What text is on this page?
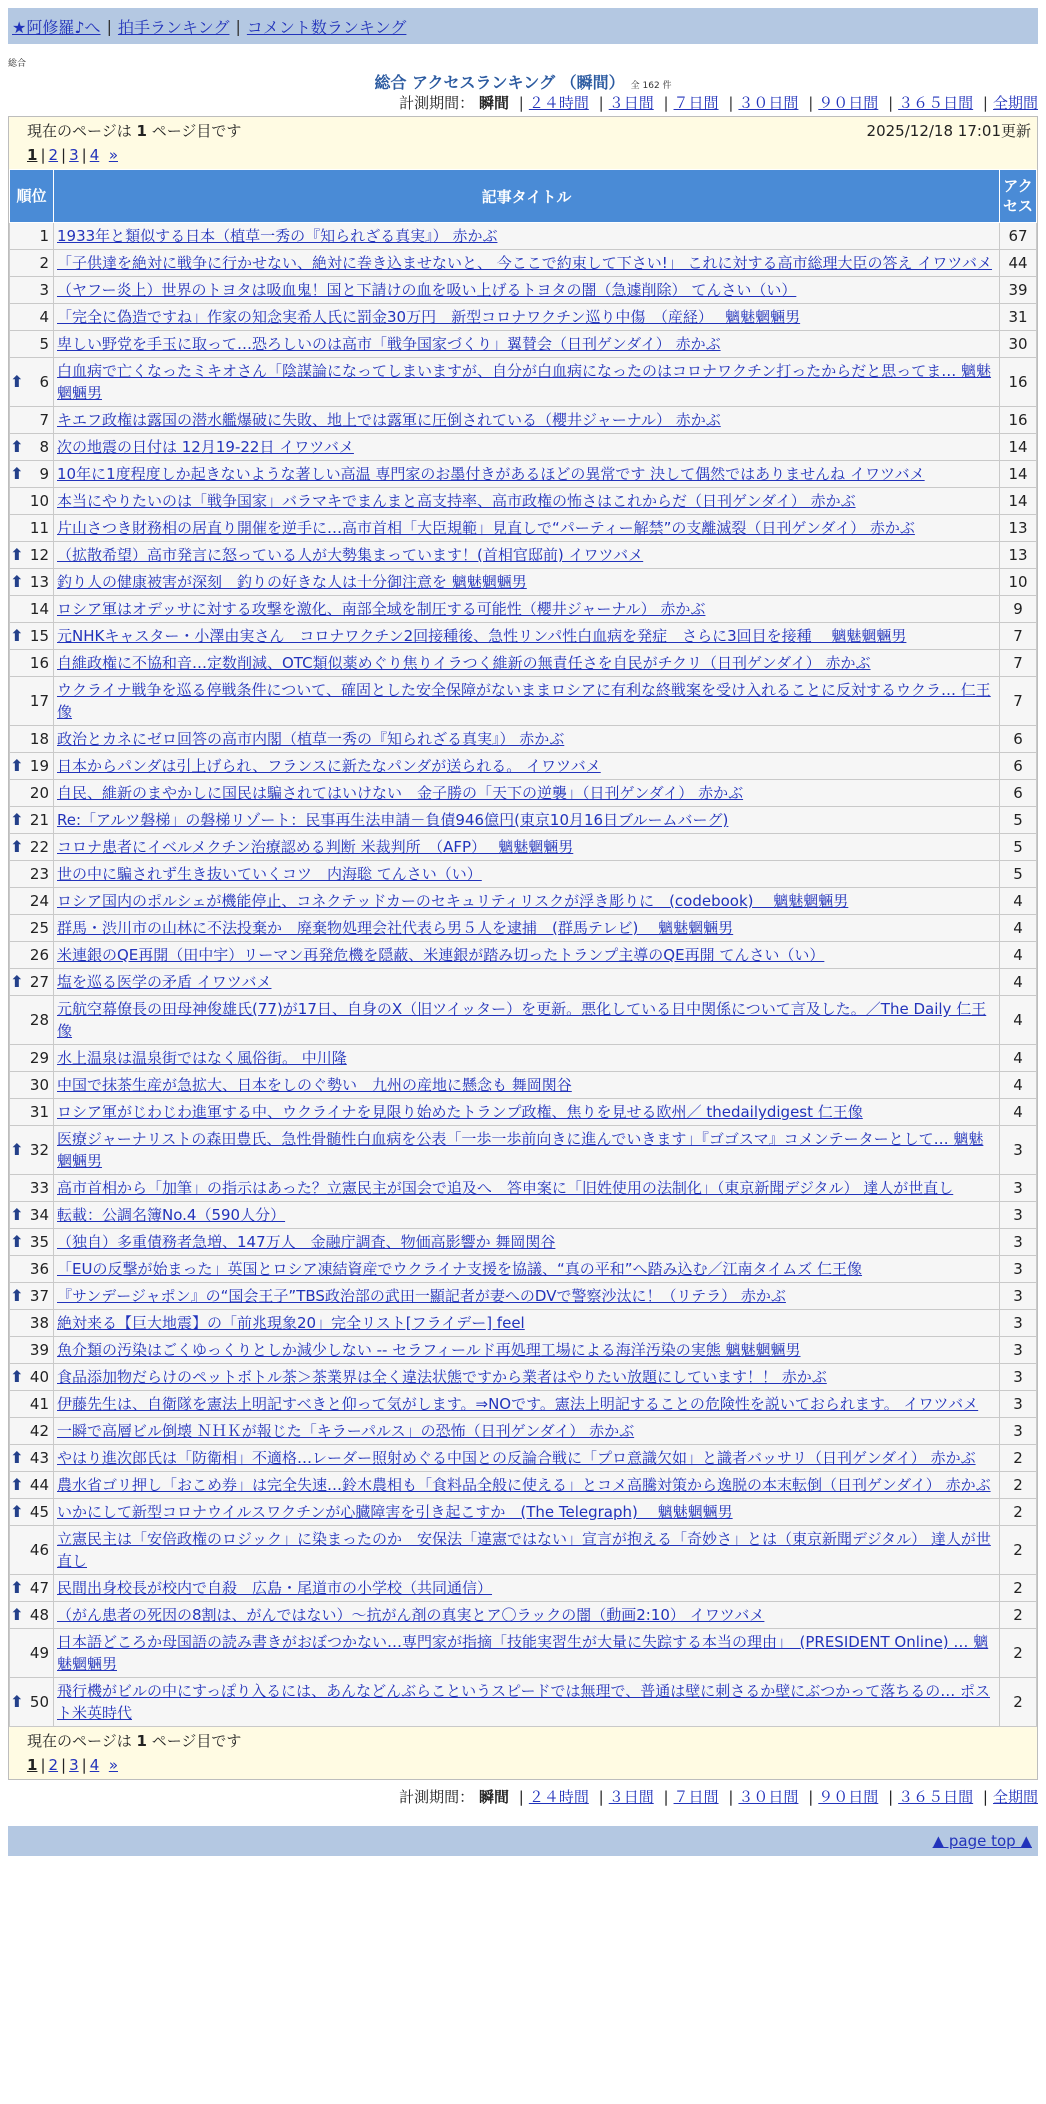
★阿修羅♪へ | 拍手ランキング | コメント数ランキング
総合
総合 アクセスランキング （瞬間） 全 162 件
計測期間： 瞬間 | ２４時間 | ３日間 | ７日間 | ３０日間 | ９０日間 | ３６５日間 | 全期間
現在のページは 1 ページ目です	2025/12/18 17:01更新
1 | 2 | 3 | 4 »
順位	記事タイトル	アクセス

1	1933年と類似する日本（植草一秀の『知られざる真実』） 赤かぶ	67

2	「子供達を絶対に戦争に行かせない、絶対に巻き込ませないと、 今ここで約束して下さい!」 これに対する高市総理大臣の答え イワツバメ	44

3	（ヤフー炎上）世界のトヨタは吸血鬼！国と下請けの血を吸い上げるトヨタの闇（急遽削除） てんさい（い）	39

4	「完全に偽造ですね」作家の知念実希人氏に罰金30万円　新型コロナワクチン巡り中傷　（産経）　 魑魅魍魎男	31

5	卑しい野党を手玉に取って…恐ろしいのは高市「戦争国家づくり」翼賛会（日刊ゲンダイ） 赤かぶ	30

⬆ 6	白血病で亡くなったミキオさん「陰謀論になってしまいますが、自分が白血病になったのはコロナワクチン打ったからだと思ってま… 魑魅魍魎男	16

7	キエフ政権は露国の潜水艦爆破に失敗、地上では露軍に圧倒されている（櫻井ジャーナル） 赤かぶ	16

⬆ 8	次の地震の日付は 12月19-22日 イワツバメ	14

⬆ 9	10年に1度程度しか起きないような著しい高温 専門家のお墨付きがあるほどの異常です 決して偶然ではありませんね イワツバメ	14

10	本当にやりたいのは「戦争国家」バラマキでまんまと高支持率、高市政権の怖さはこれからだ（日刊ゲンダイ） 赤かぶ	14

11	片山さつき財務相の居直り開催を逆手に…高市首相「大臣規範」見直しで“パーティー解禁”の支離滅裂（日刊ゲンダイ） 赤かぶ	13

⬆ 12	（拡散希望）高市発言に怒っている人が大勢集まっています！(首相官邸前) イワツバメ	13

⬆ 13	釣り人の健康被害が深刻　釣りの好きな人は十分御注意を 魑魅魍魎男	10

14	ロシア軍はオデッサに対する攻撃を激化、南部全域を制圧する可能性（櫻井ジャーナル） 赤かぶ	9

⬆ 15	元NHKキャスター・小澤由実さん　コロナワクチン2回接種後、急性リンパ性白血病を発症　さらに3回目を接種　 魑魅魍魎男	7

16	自維政権に不協和音…定数削減、OTC類似薬めぐり焦りイラつく維新の無責任さを自民がチクリ（日刊ゲンダイ） 赤かぶ	7

17	ウクライナ戦争を巡る停戦条件について、確固とした安全保障がないままロシアに有利な終戦案を受け入れることに反対するウクラ… 仁王像	7

18	政治とカネにゼロ回答の高市内閣（植草一秀の『知られざる真実』） 赤かぶ	6

⬆ 19	日本からパンダは引上げられ、フランスに新たなパンダが送られる。 イワツバメ	6

20	自民、維新のまやかしに国民は騙されてはいけない　金子勝の「天下の逆襲」（日刊ゲンダイ） 赤かぶ	6

⬆ 21	Re:「アルツ磐梯」の磐梯リゾート：民事再生法申請－負債946億円(東京10月16日ブルームバーグ)	5

⬆ 22	コロナ患者にイベルメクチン治療認める判断 米裁判所　（AFP）　 魑魅魍魎男	5

23	世の中に騙されず生き抜いていくコツ　内海聡 てんさい（い）	5

24	ロシア国内のポルシェが機能停止、コネクテッドカーのセキュリティリスクが浮き彫りに　(codebook)　 魑魅魍魎男	4

25	群馬・渋川市の山林に不法投棄か　廃棄物処理会社代表ら男５人を逮捕　(群馬テレビ)　 魑魅魍魎男	4

26	米連銀のQE再開（田中宇）リーマン再発危機を隠蔽、米連銀が踏み切ったトランプ主導のQE再開 てんさい（い）	4

⬆ 27	塩を巡る医学の矛盾 イワツバメ	4

28	元航空幕僚長の田母神俊雄氏(77)が17日、自身のX（旧ツイッター）を更新。悪化している日中関係について言及した。／The Daily 仁王像	4

29	水上温泉は温泉街ではなく風俗街。 中川隆	4

30	中国で抹茶生産が急拡大、日本をしのぐ勢い　九州の産地に懸念も 舞岡関谷	4

31	ロシア軍がじわじわ進軍する中、ウクライナを見限り始めたトランプ政権、焦りを見せる欧州／ thedailydigest 仁王像	4

⬆ 32	医療ジャーナリストの森田豊氏、急性骨髄性白血病を公表「一歩一歩前向きに進んでいきます」『ゴゴスマ』コメンテーターとして… 魑魅魍魎男	3

33	高市首相から「加筆」の指示はあった？立憲民主が国会で追及へ　答申案に「旧姓使用の法制化」（東京新聞デジタル） 達人が世直し	3

⬆ 34	転載：公調名簿No.4（590人分）	3

⬆ 35	（独自）多重債務者急増、147万人　金融庁調査、物価高影響か 舞岡関谷	3

36	「EUの反撃が始まった」英国とロシア凍結資産でウクライナ支援を協議、“真の平和”へ踏み込む／江南タイムズ 仁王像	3

⬆ 37	『サンデージャポン』の“国会王子”TBS政治部の武田一顯記者が妻へのDVで警察沙汰に！（リテラ） 赤かぶ	3

38	絶対来る【巨大地震】の「前兆現象20」完全リスト[フライデー] feel	3

39	魚介類の汚染はごくゆっくりとしか減少しない -- セラフィールド再処理工場による海洋汚染の実態 魑魅魍魎男	3

⬆ 40	食品添加物だらけのペットボトル茶＞茶業界は全く違法状態ですから業者はやりたい放題にしています！！ 赤かぶ	3

41	伊藤先生は、自衛隊を憲法上明記すべきと仰って気がします。⇒NOです。憲法上明記することの危険性を説いておられます。 イワツバメ	3

42	一瞬で高層ビル倒壊 ＮＨＫが報じた「キラーパルス」の恐怖（日刊ゲンダイ） 赤かぶ	3

⬆ 43	やはり進次郎氏は「防衛相」不適格…レーダー照射めぐる中国との反論合戦に「プロ意識欠如」と識者バッサリ（日刊ゲンダイ） 赤かぶ	2

⬆ 44	農水省ゴリ押し「おこめ券」は完全失速…鈴木農相も「食料品全般に使える」とコメ高騰対策から逸脱の本末転倒（日刊ゲンダイ） 赤かぶ	2

⬆ 45	いかにして新型コロナウイルスワクチンが心臓障害を引き起こすか　(The Telegraph)　 魑魅魍魎男	2

46	立憲民主は「安倍政権のロジック」に染まったのか　安保法「違憲ではない」宣言が抱える「奇妙さ」とは（東京新聞デジタル） 達人が世直し	2

⬆ 47	民間出身校長が校内で自殺　広島・尾道市の小学校（共同通信）	2

⬆ 48	（がん患者の死因の8割は、がんではない）～抗がん剤の真実とア〇ラックの闇（動画2:10） イワツバメ	2

49	日本語どころか母国語の読み書きがおぼつかない…専門家が指摘「技能実習生が大量に失踪する本当の理由」　(PRESIDENT Online) … 魑魅魍魎男	2

⬆ 50	飛行機がビルの中にすっぽり入るには、あんなどんぶらこというスピードでは無理で、普通は壁に刺さるか壁にぶつかって落ちるの… ポスト米英時代	2
現在のページは 1 ページ目です
1 | 2 | 3 | 4 »
計測期間： 瞬間 | ２４時間 | ３日間 | ７日間 | ３０日間 | ９０日間 | ３６５日間 | 全期間
▲ page top ▲
